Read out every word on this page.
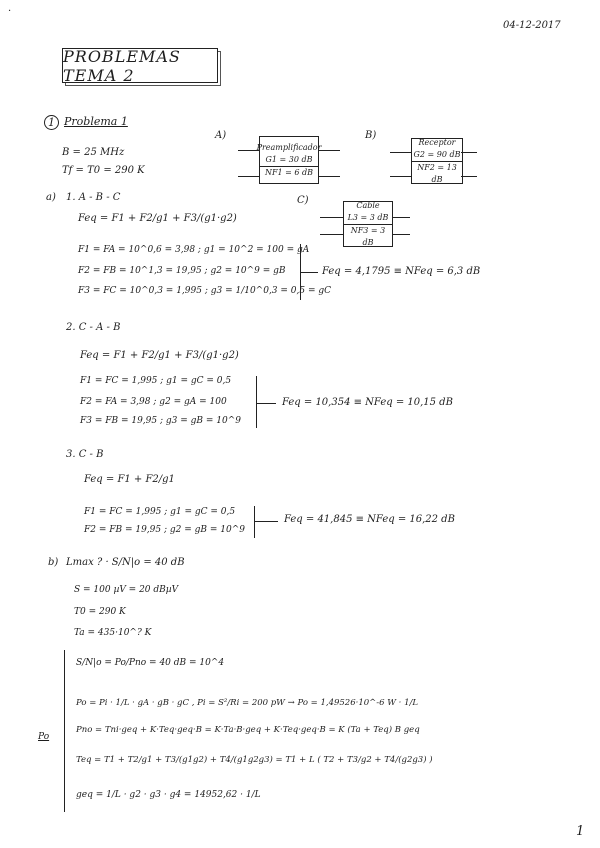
·
04-12-2017
PROBLEMAS TEMA 2
1 Problema 1
B = 25 MHz
Tf = T0 = 290 K
A)
Preamplificador
G1 = 30 dB
NF1 = 6 dB
B)
Receptor
G2 = 90 dB
NF2 = 13 dB
C)	Cable
L3 = 3 dB
NF3 = 3 dB
a) 1. A - B - C
Feq = F1 + F2/g1 + F3/(g1·g2)
F1 = FA = 10^0,6 = 3,98 ; g1 = 10^2 = 100 = gA
F2 = FB = 10^1,3 = 19,95 ; g2 = 10^9 = gB
F3 = FC = 10^0,3 = 1,995 ; g3 = 1/10^0,3 = 0,5 = gC
Feq = 4,1795 ≡ NFeq = 6,3 dB
2. C - A - B
Feq = F1 + F2/g1 + F3/(g1·g2)
F1 = FC = 1,995 ; g1 = gC = 0,5
F2 = FA = 3,98 ; g2 = gA = 100
F3 = FB = 19,95 ; g3 = gB = 10^9
Feq = 10,354 ≡ NFeq = 10,15 dB
3. C - B
Feq = F1 + F2/g1
F1 = FC = 1,995 ; g1 = gC = 0,5
F2 = FB = 19,95 ; g2 = gB = 10^9
Feq = 41,845 ≡ NFeq = 16,22 dB
b) Lmax ? · S/N|o = 40 dB
S = 100 µV = 20 dBµV
T0 = 290 K
Ta = 435·10^? K
Po
S/N|o = Po/Pno = 40 dB = 10^4
Po = Pi · 1/L · gA · gB · gC , Pi = S²/Ri = 200 pW → Po = 1,49526·10^-6 W · 1/L
Pno = Tni·geq + K·Teq·geq·B = K·Ta·B·geq + K·Teq·geq·B = K (Ta + Teq) B geq
Teq = T1 + T2/g1 + T3/(g1g2) + T4/(g1g2g3) = T1 + L ( T2 + T3/g2 + T4/(g2g3) )
geq = 1/L · g2 · g3 · g4 = 14952,62 · 1/L
1
